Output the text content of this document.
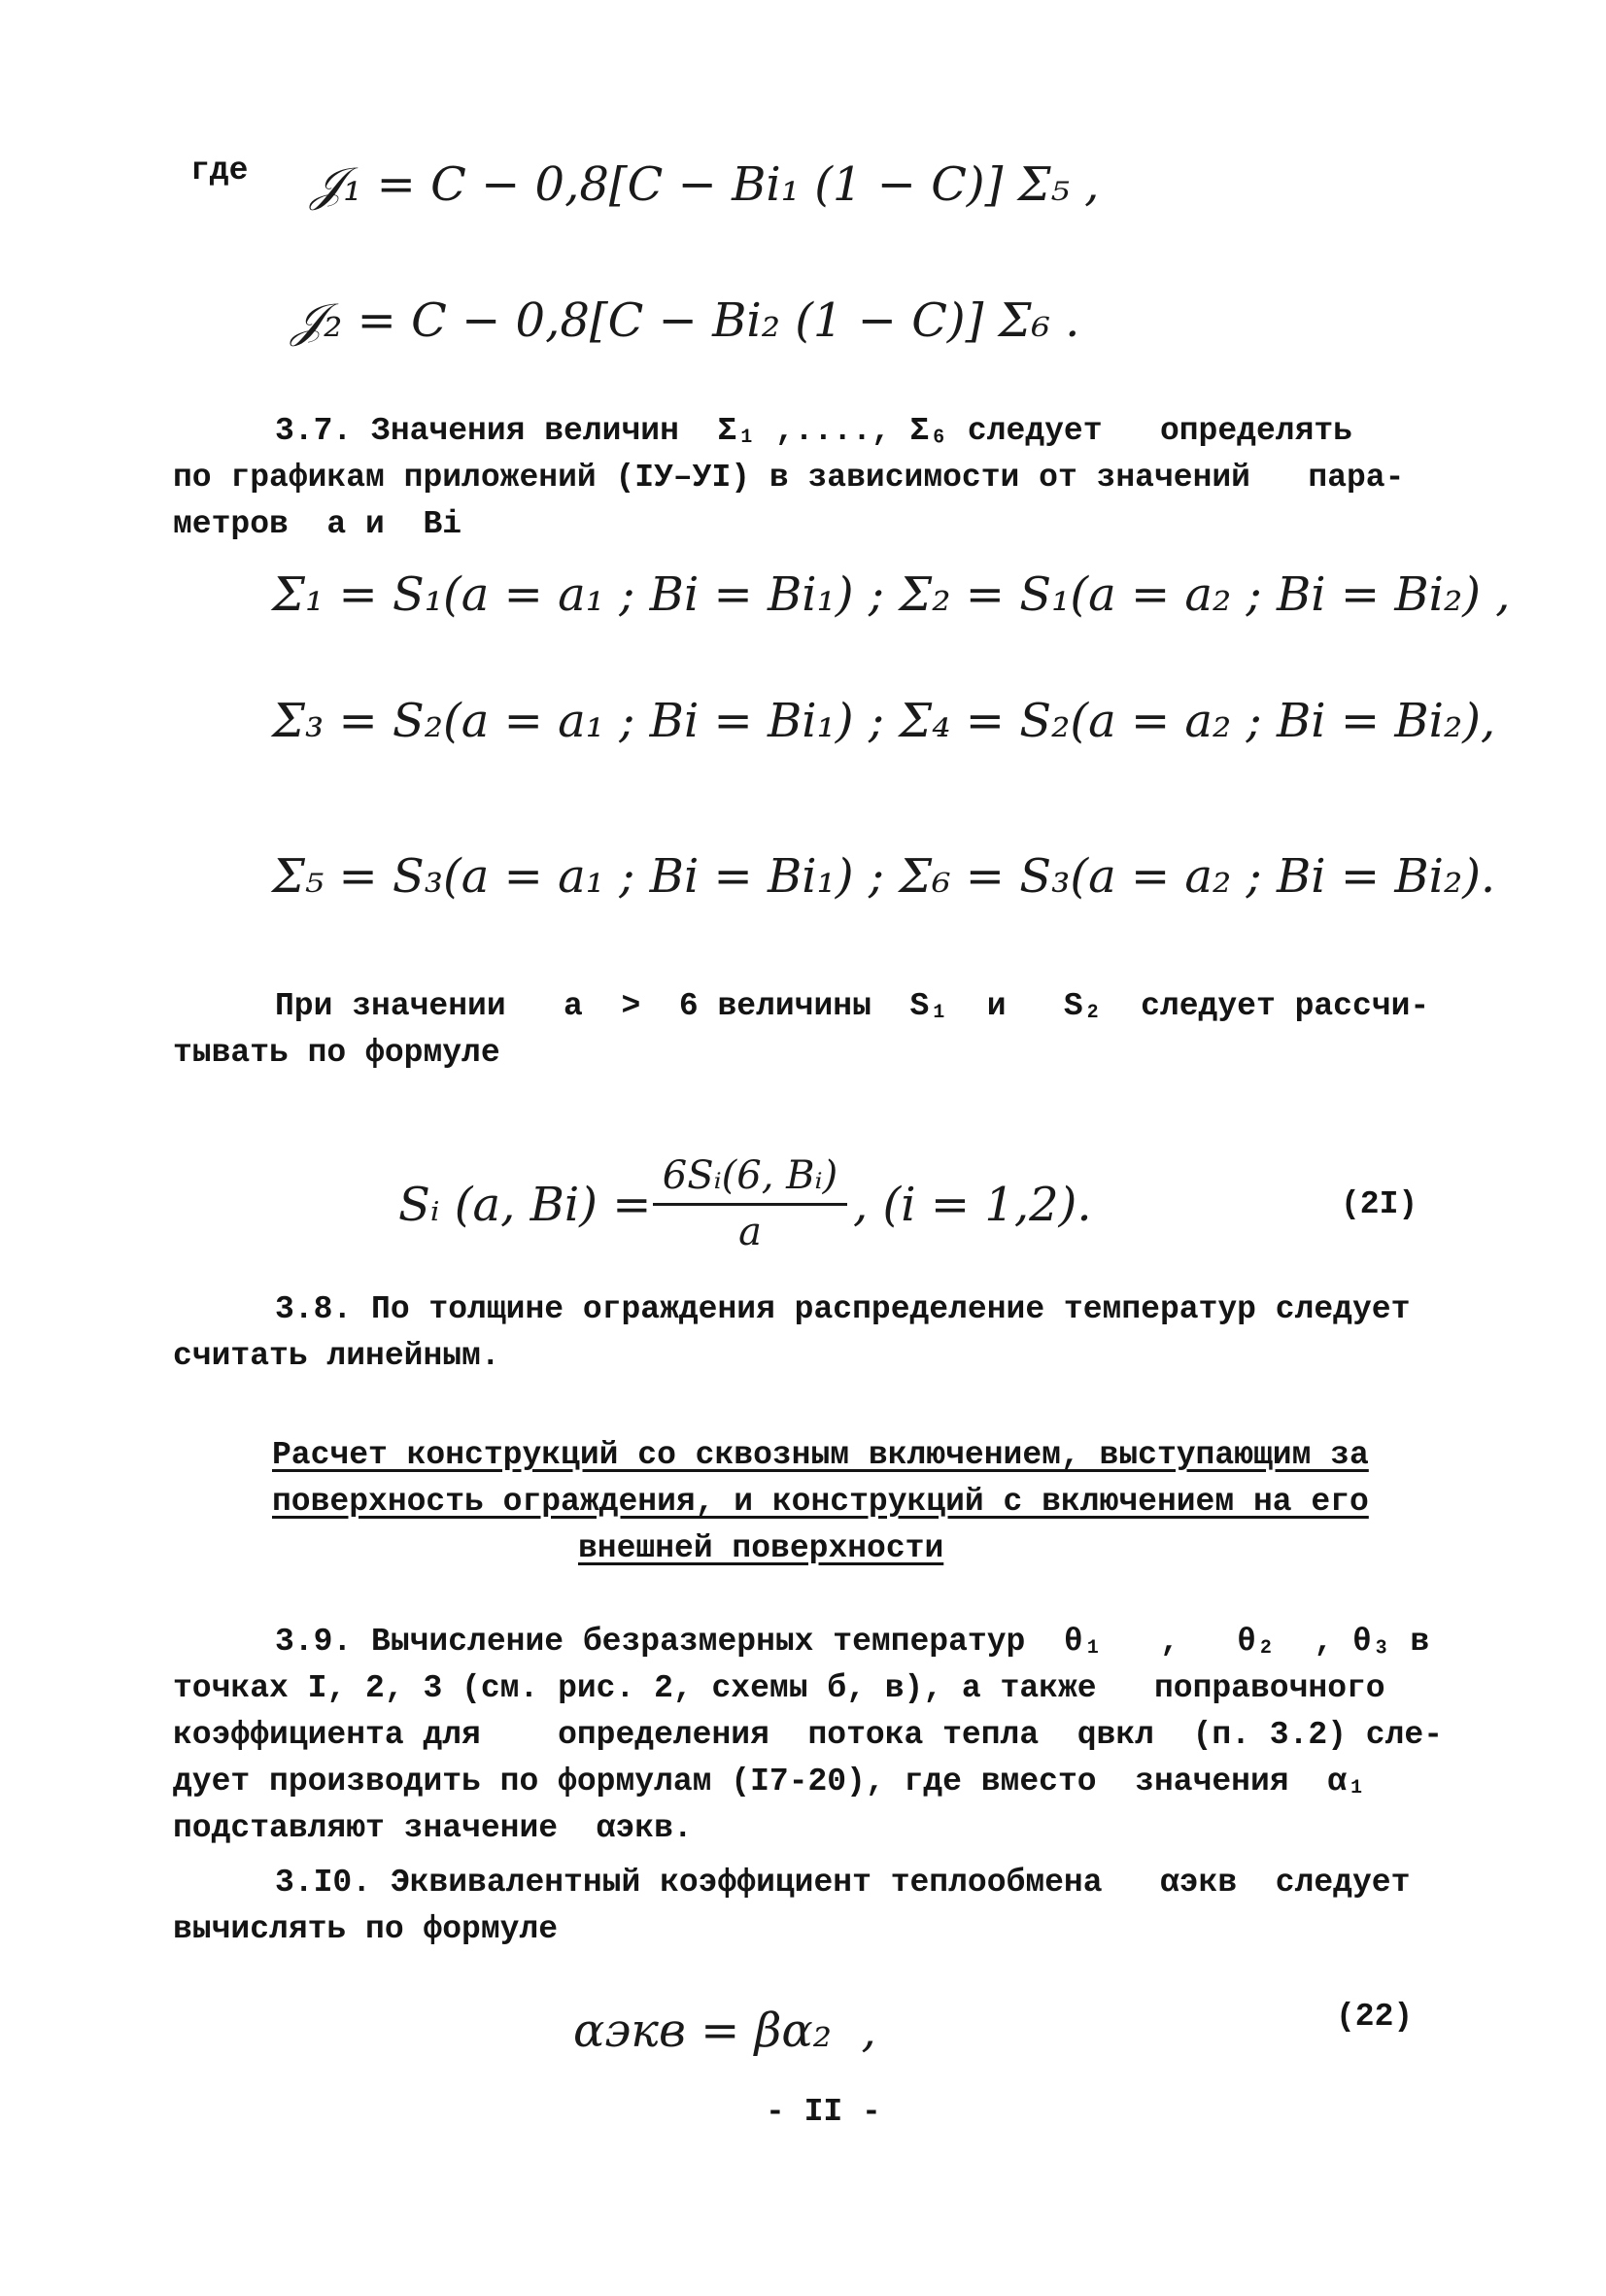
где 𝒥₁ = C − 0,8[C − Bi₁ (1 − C)] Σ₅ ,
𝒥₂ = C − 0,8[C − Bi₂ (1 − C)] Σ₆ .
3.7. Значения величин  Σ₁ ,...., Σ₆ следует   определять
по графикам приложений (IУ–УI) в зависимости от значений   пара-
метров  а и  Bi
Σ₁ = S₁(a = a₁ ; Bi = Bi₁) ; Σ₂ = S₁(a = a₂ ; Bi = Bi₂) ,
Σ₃ = S₂(a = a₁ ; Bi = Bi₁) ; Σ₄ = S₂(a = a₂ ; Bi = Bi₂),
Σ₅ = S₃(a = a₁ ; Bi = Bi₁) ; Σ₆ = S₃(a = a₂ ; Bi = Bi₂).
При значении   а  >  6 величины  S₁  и   S₂  следует рассчи-
тывать по формуле
Sᵢ (a, Bi) =
6Sᵢ(6, Bᵢ)
a	, (i = 1,2).	(2I)
3.8. По толщине ограждения распределение температур следует
считать линейным.
Расчет конструкций со сквозным включением, выступающим за
поверхность ограждения, и конструкций с включением на его
внешней поверхности
3.9. Вычисление безразмерных температур  θ₁   ,   θ₂  , θ₃ в
точках I, 2, 3 (см. рис. 2, схемы б, в), а также   поправочного
коэффициента для    определения  потока тепла  qвкл  (п. 3.2) сле-
дует производить по формулам (I7-20), где вместо  значения  α₁
подставляют значение  αэкв.
3.I0. Эквивалентный коэффициент теплообмена   αэкв  следует
вычислять по формуле
αэкв = βα₂  ,	(22)
- II -
